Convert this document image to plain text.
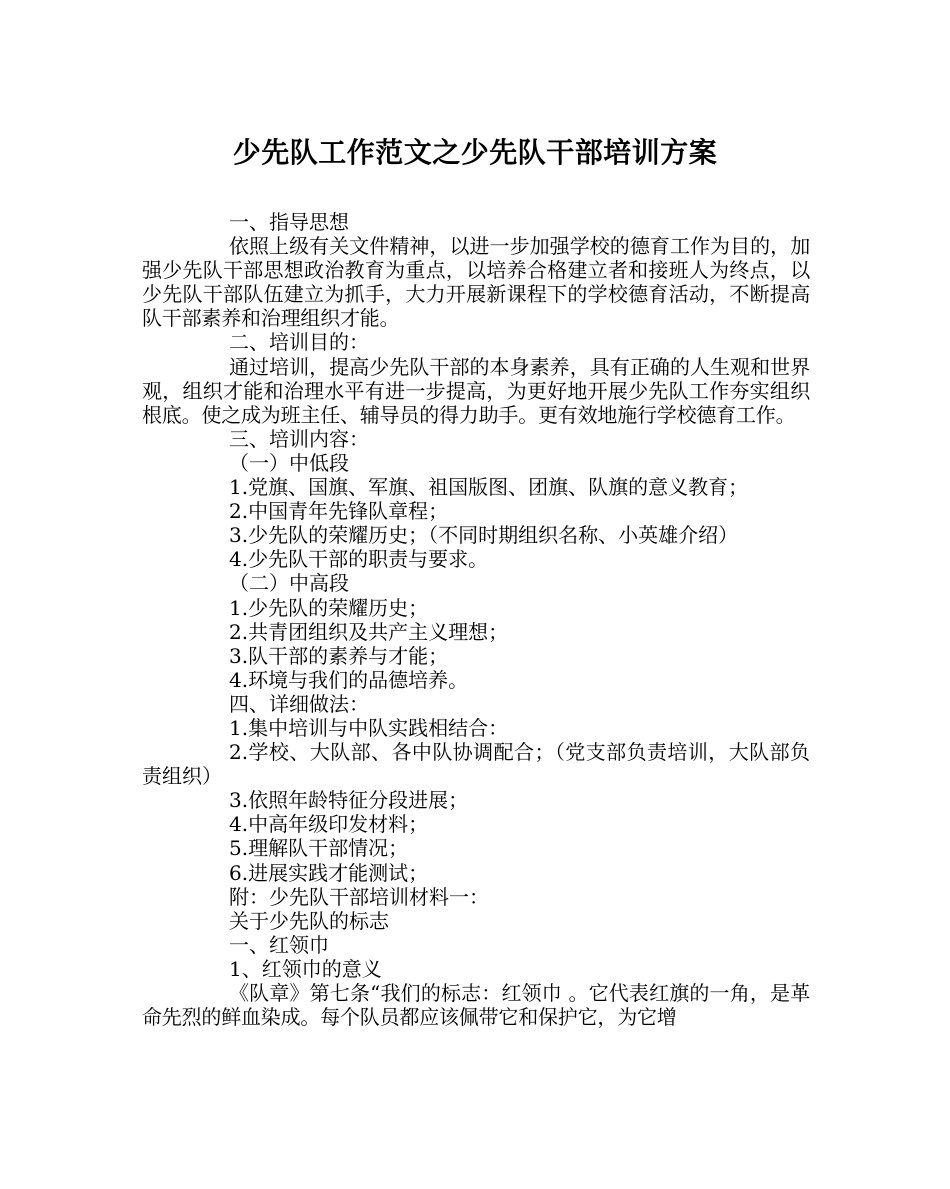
少先队工作范文之少先队干部培训方案

一、指导思想

依照上级有关文件精神，以进一步加强学校的德育工作为目的，加强少先队干部思想政治教育为重点，以培养合格建立者和接班人为终点，以少先队干部队伍建立为抓手，大力开展新课程下的学校德育活动，不断提高队干部素养和治理组织才能。

二、培训目的：

通过培训，提高少先队干部的本身素养，具有正确的人生观和世界观，组织才能和治理水平有进一步提高，为更好地开展少先队工作夯实组织根底。使之成为班主任、辅导员的得力助手。更有效地施行学校德育工作。

三、培训内容：

（一）中低段

1.党旗、国旗、军旗、祖国版图、团旗、队旗的意义教育；

2.中国青年先锋队章程；

3.少先队的荣耀历史；（不同时期组织名称、小英雄介绍）

4.少先队干部的职责与要求。

（二）中高段

1.少先队的荣耀历史；

2.共青团组织及共产主义理想；

3.队干部的素养与才能；

4.环境与我们的品德培养。

四、详细做法：

1.集中培训与中队实践相结合：

2.学校、大队部、各中队协调配合；（党支部负责培训，大队部负责组织）

3.依照年龄特征分段进展；

4.中高年级印发材料；

5.理解队干部情况；

6.进展实践才能测试；

附：少先队干部培训材料一：

关于少先队的标志

一、红领巾

1、红领巾的意义

《队章》第七条“我们的标志：红领巾 。它代表红旗的一角，是革命先烈的鲜血染成。每个队员都应该佩带它和保护它，为它增
